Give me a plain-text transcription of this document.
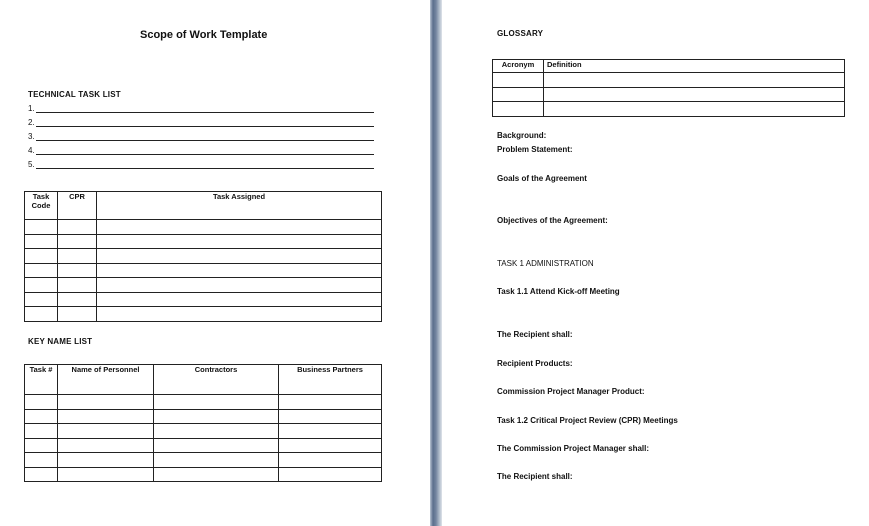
Scope of Work Template
TECHNICAL TASK LIST
1.
2.
3.
4.
5.
Task Code	CPR	Task Assigned

KEY NAME LIST
Task #	Name of Personnel	Contractors	Business Partners

GLOSSARY
Acronym	Definition

Background:
Problem Statement:
Goals of the Agreement
Objectives of the Agreement:
TASK 1 ADMINISTRATION
Task 1.1 Attend Kick-off Meeting
The Recipient shall:
Recipient Products:
Commission Project Manager Product:
Task 1.2 Critical Project Review (CPR) Meetings
The Commission Project Manager shall:
The Recipient shall:
